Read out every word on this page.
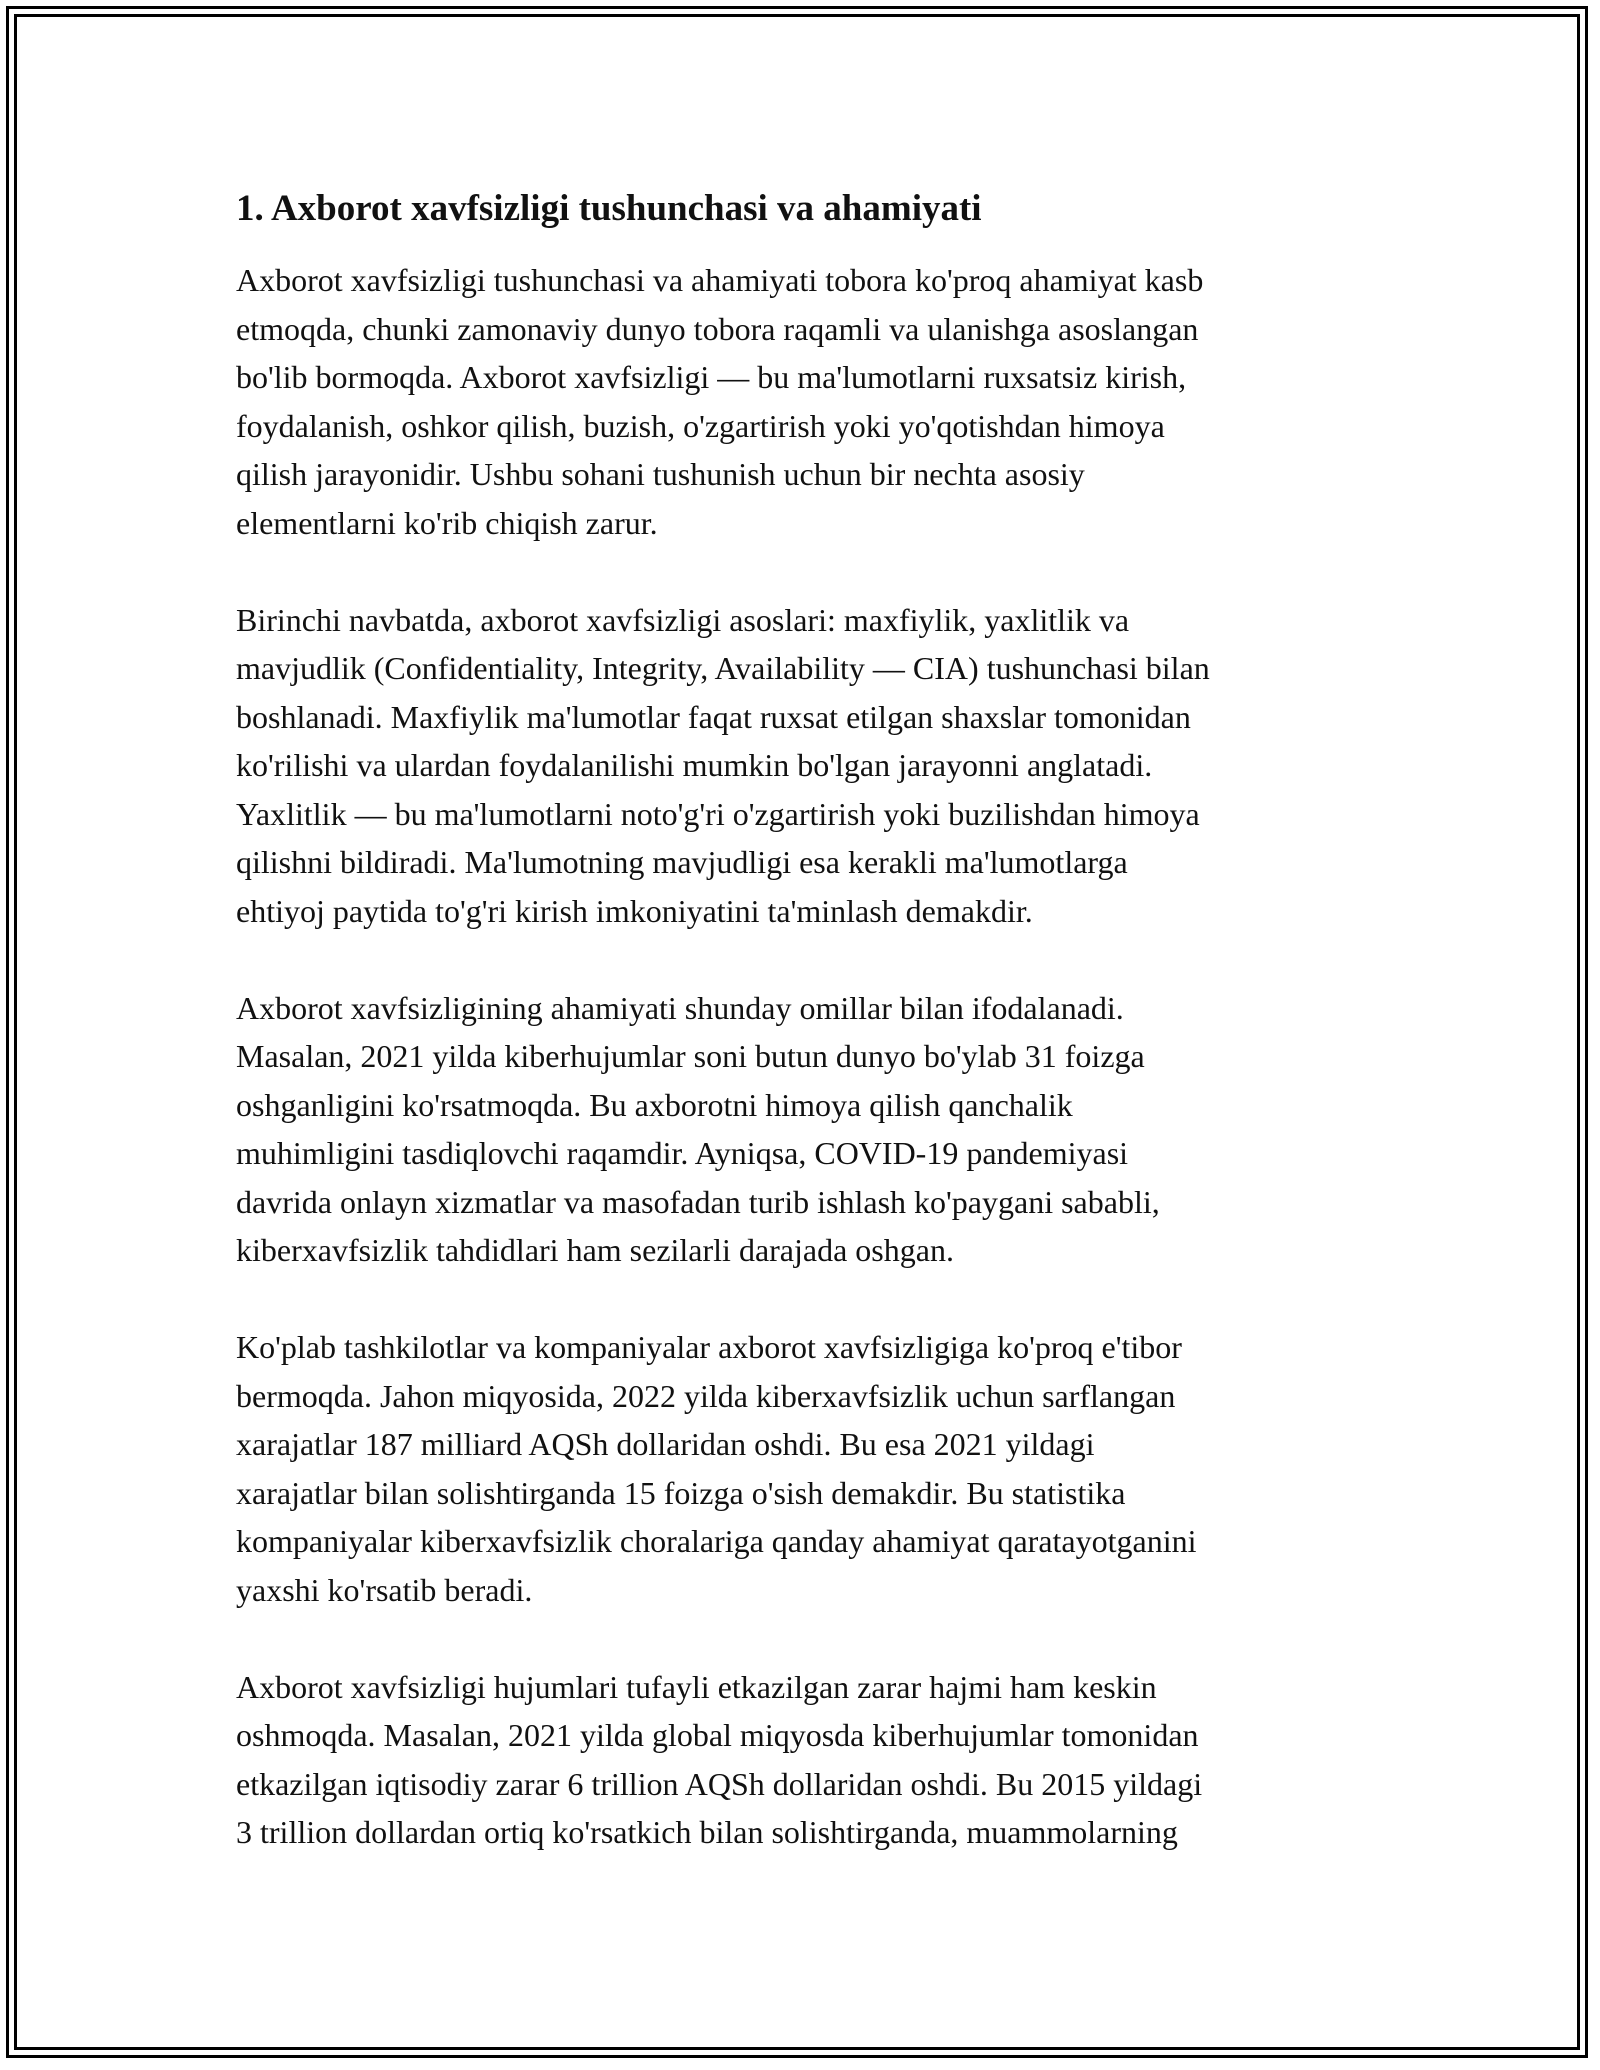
1. Axborot xavfsizligi tushunchasi va ahamiyati

Axborot xavfsizligi tushunchasi va ahamiyati tobora ko'proq ahamiyat kasb
etmoqda, chunki zamonaviy dunyo tobora raqamli va ulanishga asoslangan
bo'lib bormoqda. Axborot xavfsizligi — bu ma'lumotlarni ruxsatsiz kirish,
foydalanish, oshkor qilish, buzish, o'zgartirish yoki yo'qotishdan himoya
qilish jarayonidir. Ushbu sohani tushunish uchun bir nechta asosiy
elementlarni ko'rib chiqish zarur.

Birinchi navbatda, axborot xavfsizligi asoslari: maxfiylik, yaxlitlik va
mavjudlik (Confidentiality, Integrity, Availability — CIA) tushunchasi bilan
boshlanadi. Maxfiylik ma'lumotlar faqat ruxsat etilgan shaxslar tomonidan
ko'rilishi va ulardan foydalanilishi mumkin bo'lgan jarayonni anglatadi.
Yaxlitlik — bu ma'lumotlarni noto'g'ri o'zgartirish yoki buzilishdan himoya
qilishni bildiradi. Ma'lumotning mavjudligi esa kerakli ma'lumotlarga
ehtiyoj paytida to'g'ri kirish imkoniyatini ta'minlash demakdir.

Axborot xavfsizligining ahamiyati shunday omillar bilan ifodalanadi.
Masalan, 2021 yilda kiberhujumlar soni butun dunyo bo'ylab 31 foizga
oshganligini ko'rsatmoqda. Bu axborotni himoya qilish qanchalik
muhimligini tasdiqlovchi raqamdir. Ayniqsa, COVID-19 pandemiyasi
davrida onlayn xizmatlar va masofadan turib ishlash ko'paygani sababli,
kiberxavfsizlik tahdidlari ham sezilarli darajada oshgan.

Ko'plab tashkilotlar va kompaniyalar axborot xavfsizligiga ko'proq e'tibor
bermoqda. Jahon miqyosida, 2022 yilda kiberxavfsizlik uchun sarflangan
xarajatlar 187 milliard AQSh dollaridan oshdi. Bu esa 2021 yildagi
xarajatlar bilan solishtirganda 15 foizga o'sish demakdir. Bu statistika
kompaniyalar kiberxavfsizlik choralariga qanday ahamiyat qaratayotganini
yaxshi ko'rsatib beradi.

Axborot xavfsizligi hujumlari tufayli etkazilgan zarar hajmi ham keskin
oshmoqda. Masalan, 2021 yilda global miqyosda kiberhujumlar tomonidan
etkazilgan iqtisodiy zarar 6 trillion AQSh dollaridan oshdi. Bu 2015 yildagi
3 trillion dollardan ortiq ko'rsatkich bilan solishtirganda, muammolarning
